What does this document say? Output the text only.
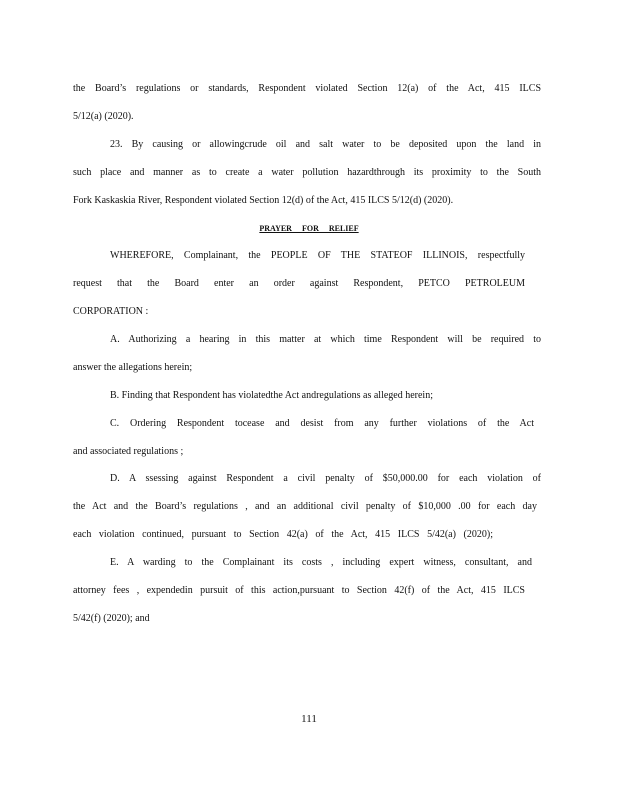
the Board’s regulations or standards, Respondent violated Section 12(a) of the Act, 415 ILCS
5/12(a) (2020).
23. By causing or allowingcrude oil and salt water to be deposited upon the land in
such place and manner as to create a water pollution hazardthrough its proximity to the South
Fork Kaskaskia River, Respondent violated Section 12(d) of the Act, 415 ILCS 5/12(d) (2020).
PRAYER FOR RELIEF
WHEREFORE, Complainant, the PEOPLE OF THE STATEOF ILLINOIS, respectfully
request that the Board enter an order against Respondent, PETCO PETROLEUM
CORPORATION :
A. Authorizing a hearing in this matter at which time Respondent will be required to
answer the allegations herein;
B. Finding that Respondent has violatedthe Act andregulations as alleged herein;
C. Ordering Respondent tocease and desist from any further violations of the Act
and associated regulations ;
D. A ssessing against Respondent a civil penalty of $50,000.00 for each violation of
the Act and the Board’s regulations , and an additional civil penalty of $10,000 .00 for each day
each violation continued, pursuant to Section 42(a) of the Act, 415 ILCS 5/42(a) (2020);
E. A warding to the Complainant its costs , including expert witness, consultant, and
attorney fees , expendedin pursuit of this action,pursuant to Section 42(f) of the Act, 415 ILCS
5/42(f) (2020); and
111
